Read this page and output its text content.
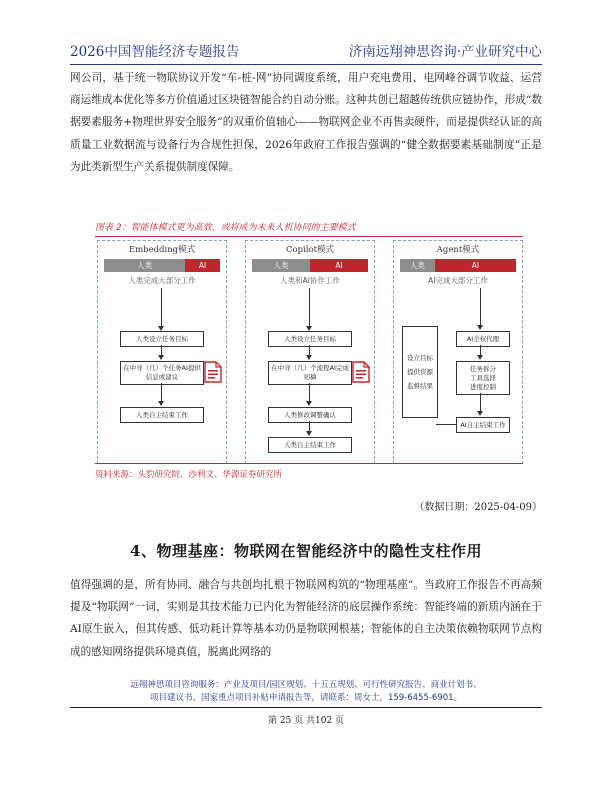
2026中国智能经济专题报告	济南远翔神思咨询·产业研究中心

网公司，基于统一物联协议开发“车-桩-网”协同调度系统，用户充电费用、电网峰谷调节收益、运营商运维成本优化等多方价值通过区块链智能合约自动分账。这种共创已超越传统供应链协作，形成“数据要素服务+物理世界安全服务”的双重价值轴心——物联网企业不再售卖硬件，而是提供经认证的高质量工业数据流与设备行为合规性担保，2026年政府工作报告强调的“健全数据要素基础制度”正是为此类新型生产关系提供制度保障。

图表 2：智能体模式更为高效，或将成为未来人机协同的主要模式
Embedding模式
人类	AI
人类完成大部分工作
人类设立任务目标
在中寻（几）个任务AI提供信息或建议
人类自主结束工作
Copilot模式
人类	AI
人类和AI协作工作
人类设立任务目标
在中寻（几）个流程AI完成初稿
人类修改调整确认
人类自主结束工作
Agent模式
人类	AI
AI完成大部分工作
设立目标
提供资源
监督结果
AI全权代理
任务拆分
工具选择
进度控制
AI自主结束工作
资料来源：头豹研究院、沙利文、华源证券研究所
（数据日期：2025-04-09）
4、物理基座：物联网在智能经济中的隐性支柱作用

值得强调的是，所有协同、融合与共创均扎根于物联网构筑的“物理基座”。当政府工作报告不再高频提及“物联网”一词，实则是其技术能力已内化为智能经济的底层操作系统：智能终端的新质内涵在于AI原生嵌入，但其传感、低功耗计算等基本功仍是物联网根基；智能体的自主决策依赖物联网节点构成的感知网络提供环境真值，脱离此网络的

远翔神思项目咨询服务：产业及项目/园区规划、十五五规划、可行性研究报告、商业计划书、
项目建议书、国家重点项目补贴申请报告等，请联系：周女士，159-6455-6901。
第 25 页 共102 页
